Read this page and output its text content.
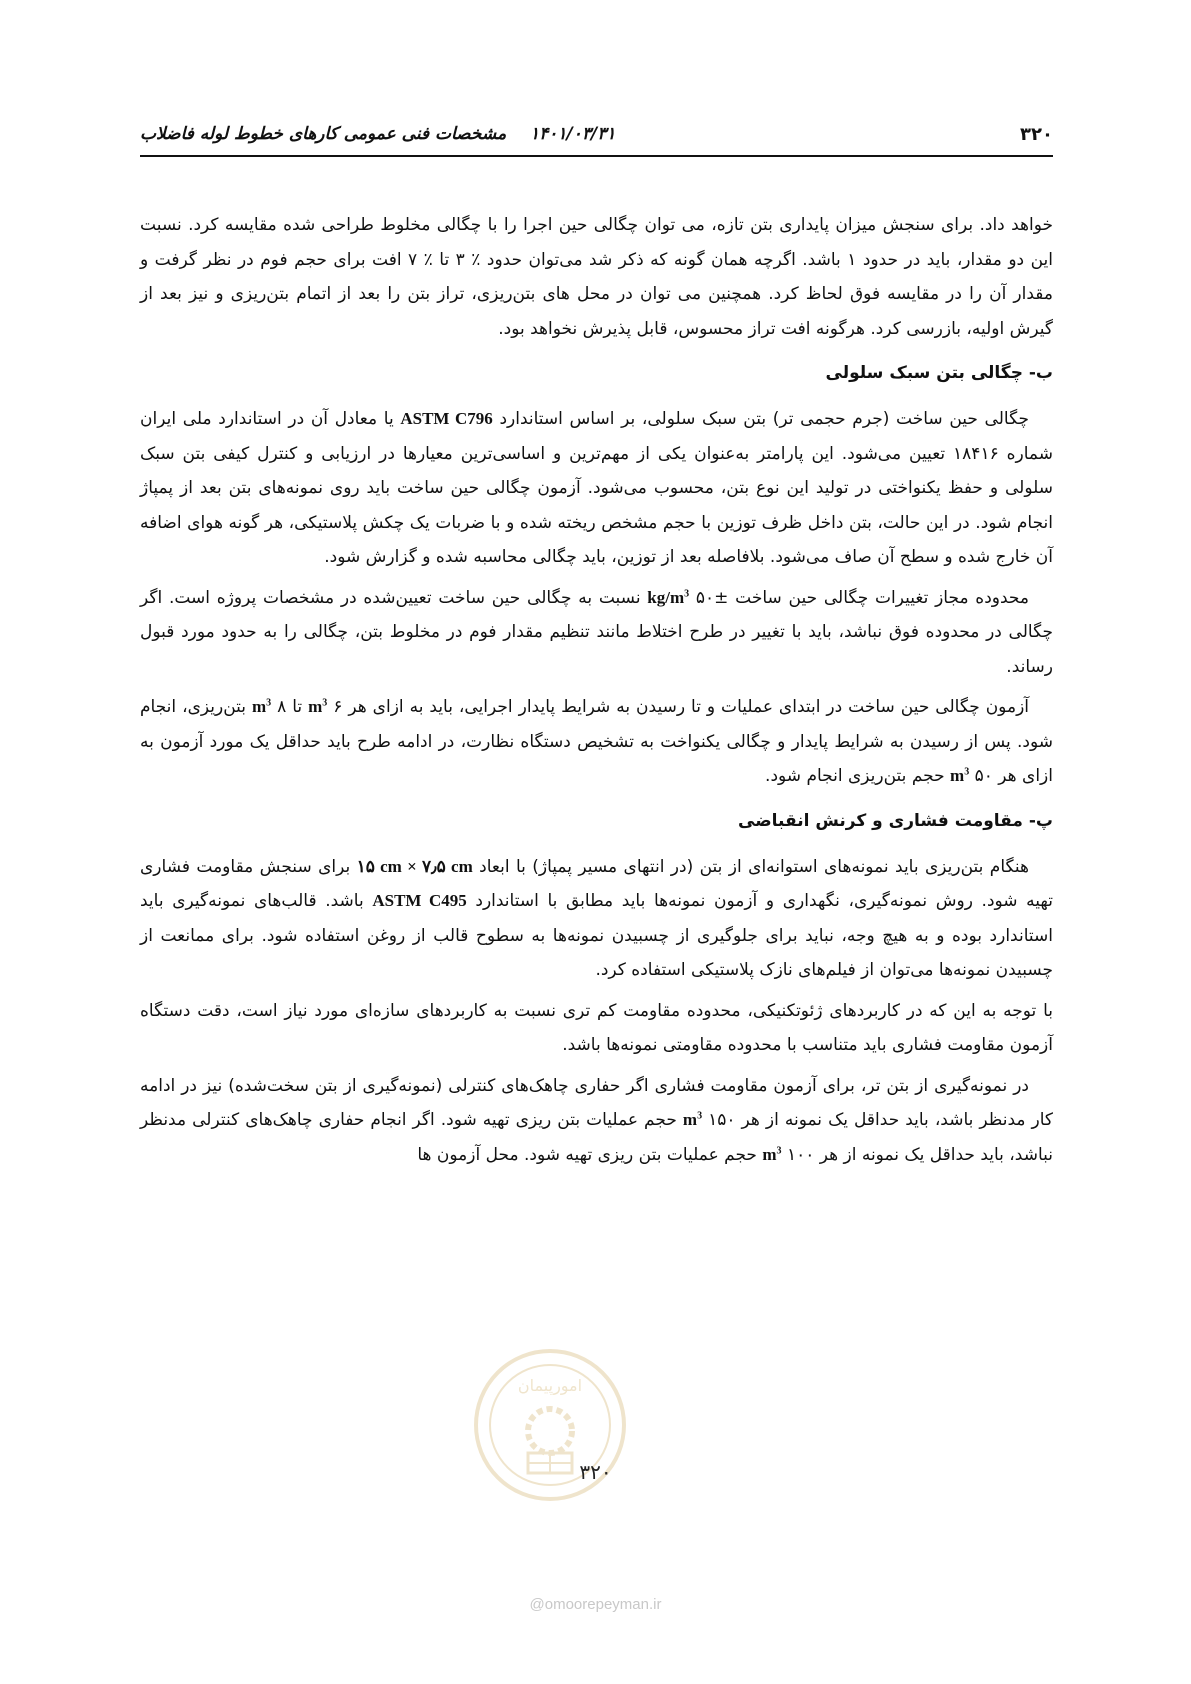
۳۲۰
۱۴۰۱/۰۳/۳۱
مشخصات فنی عمومی کارهای خطوط لوله فاضلاب

خواهد داد. برای سنجش میزان پایداری بتن تازه، می توان چگالی حین اجرا را با چگالی مخلوط طراحی شده مقایسه کرد. نسبت این دو مقدار، باید در حدود ۱ باشد. اگرچه همان گونه که ذکر شد می‌توان حدود ٪ ۳ تا ٪ ۷ افت برای حجم فوم در نظر گرفت و مقدار آن را در مقایسه فوق لحاظ کرد. همچنین می توان در محل های بتن‌ریزی، تراز بتن را بعد از اتمام بتن‌ریزی و نیز بعد از گیرش اولیه، بازرسی کرد. هرگونه افت تراز محسوس، قابل پذیرش نخواهد بود.

ب- چگالی بتن سبک سلولی

چگالی حین ساخت (جرم حجمی تر) بتن سبک سلولی، بر اساس استاندارد ASTM C796 یا معادل آن در استاندارد ملی ایران شماره ۱۸۴۱۶ تعیین می‌شود. این پارامتر به‌عنوان یکی از مهم‌ترین و اساسی‌ترین معیارها در ارزیابی و کنترل کیفی بتن سبک سلولی و حفظ یکنواختی در تولید این نوع بتن، محسوب می‌شود. آزمون چگالی حین ساخت باید روی نمونه‌های بتن بعد از پمپاژ انجام شود. در این حالت، بتن داخل ظرف توزین با حجم مشخص ریخته شده و با ضربات یک چکش پلاستیکی، هر گونه هوای اضافه آن خارج شده و سطح آن صاف می‌شود. بلافاصله بعد از توزین، باید چگالی محاسبه شده و گزارش شود.

محدوده مجاز تغییرات چگالی حین ساخت $kg/m^3$ ۵۰± نسبت به چگالی حین ساخت تعیین‌شده در مشخصات پروژه است. اگر چگالی در محدوده فوق نباشد، باید با تغییر در طرح اختلاط مانند تنظیم مقدار فوم در مخلوط بتن، چگالی را به حدود مورد قبول رساند.

آزمون چگالی حین ساخت در ابتدای عملیات و تا رسیدن به شرایط پایدار اجرایی، باید به ازای هر ۶ $m^3$ تا ۸ $m^3$ بتن‌ریزی، انجام شود. پس از رسیدن به شرایط پایدار و چگالی یکنواخت به تشخیص دستگاه نظارت، در ادامه طرح باید حداقل یک مورد آزمون به ازای هر ۵۰ $m^3$ حجم بتن‌ریزی انجام شود.

پ- مقاومت فشاری و کرنش انقباضی

هنگام بتن‌ریزی باید نمونه‌های استوانه‌ای از بتن (در انتهای مسیر پمپاژ) با ابعاد ۱۵ cm × ۷٫۵ cm برای سنجش مقاومت فشاری تهیه شود. روش نمونه‌گیری، نگهداری و آزمون نمونه‌ها باید مطابق با استاندارد ASTM C495 باشد. قالب‌های نمونه‌گیری باید استاندارد بوده و به هیچ وجه، نباید برای جلوگیری از چسبیدن نمونه‌ها به سطوح قالب از روغن استفاده شود. برای ممانعت از چسبیدن نمونه‌ها می‌توان از فیلم‌های نازک پلاستیکی استفاده کرد.

با توجه به این که در کاربردهای ژئوتکنیکی، محدوده مقاومت کم تری نسبت به کاربردهای سازه‌ای مورد نیاز است، دقت دستگاه آزمون مقاومت فشاری باید متناسب با محدوده مقاومتی نمونه‌ها باشد.

در نمونه‌گیری از بتن تر، برای آزمون مقاومت فشاری اگر حفاری چاهک‌های کنترلی (نمونه‌گیری از بتن سخت‌شده) نیز در ادامه کار مدنظر باشد، باید حداقل یک نمونه از هر ۱۵۰ $m^3$ حجم عملیات بتن ریزی تهیه شود. اگر انجام حفاری چاهک‌های کنترلی مدنظر نباشد، باید حداقل یک نمونه از هر ۱۰۰ $m^3$ حجم عملیات بتن ریزی تهیه شود. محل آزمون ها

امورپیمان
۳۲۰
@omoorepeyman.ir
